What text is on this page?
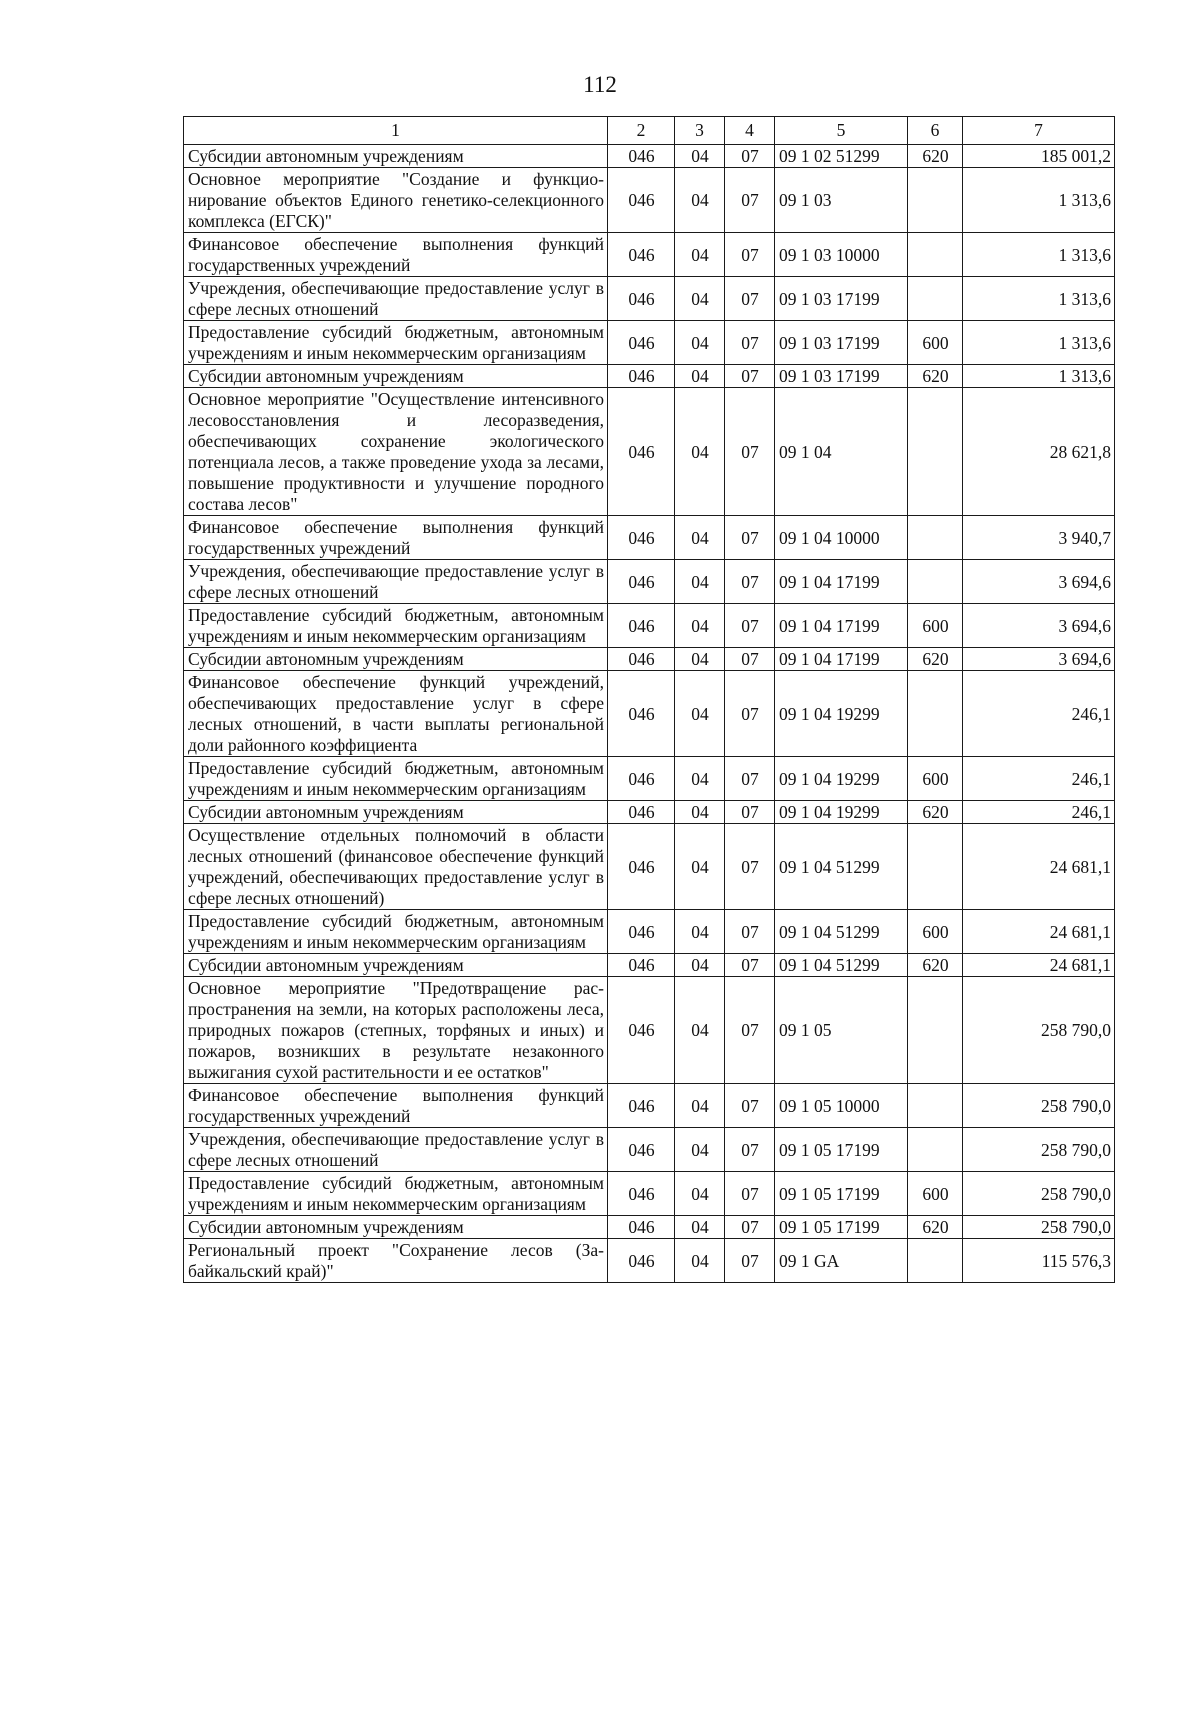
112
1	2	3	4	5	6	7
Субсидии автономным учреждениям	046	04	07	09 1 02 51299	620	185 001,2
Основное мероприятие "Создание и функционирование объектов Единого генетико-селекционного комплекса (ЕГСК)"	046	04	07	09 1 03		1 313,6
Финансовое обеспечение выполнения функций государственных учреждений	046	04	07	09 1 03 10000		1 313,6
Учреждения, обеспечивающие предоставление услуг в сфере лесных отношений	046	04	07	09 1 03 17199		1 313,6
Предоставление субсидий бюджетным, автономным учреждениям и иным некоммерческим организациям	046	04	07	09 1 03 17199	600	1 313,6
Субсидии автономным учреждениям	046	04	07	09 1 03 17199	620	1 313,6
Основное мероприятие "Осуществление интенсивного лесовосстановления и лесоразведения, обеспечивающих сохранение экологического потенциала лесов, а также проведение ухода за лесами, повышение продуктивности и улучшение породного состава лесов"	046	04	07	09 1 04		28 621,8
Финансовое обеспечение выполнения функций государственных учреждений	046	04	07	09 1 04 10000		3 940,7
Учреждения, обеспечивающие предоставление услуг в сфере лесных отношений	046	04	07	09 1 04 17199		3 694,6
Предоставление субсидий бюджетным, автономным учреждениям и иным некоммерческим организациям	046	04	07	09 1 04 17199	600	3 694,6
Субсидии автономным учреждениям	046	04	07	09 1 04 17199	620	3 694,6
Финансовое обеспечение функций учреждений, обеспечивающих предоставление услуг в сфере лесных отношений, в части выплаты региональной доли районного коэффициента	046	04	07	09 1 04 19299		246,1
Предоставление субсидий бюджетным, автономным учреждениям и иным некоммерческим организациям	046	04	07	09 1 04 19299	600	246,1
Субсидии автономным учреждениям	046	04	07	09 1 04 19299	620	246,1
Осуществление отдельных полномочий в области лесных отношений (финансовое обеспечение функций учреждений, обеспечивающих предоставление услуг в сфере лесных отношений)	046	04	07	09 1 04 51299		24 681,1
Предоставление субсидий бюджетным, автономным учреждениям и иным некоммерческим организациям	046	04	07	09 1 04 51299	600	24 681,1
Субсидии автономным учреждениям	046	04	07	09 1 04 51299	620	24 681,1
Основное мероприятие "Предотвращение распространения на земли, на которых расположены леса, природных пожаров (степных, торфяных и иных) и пожаров, возникших в результате незаконного выжигания сухой растительности и ее остатков"	046	04	07	09 1 05		258 790,0
Финансовое обеспечение выполнения функций государственных учреждений	046	04	07	09 1 05 10000		258 790,0
Учреждения, обеспечивающие предоставление услуг в сфере лесных отношений	046	04	07	09 1 05 17199		258 790,0
Предоставление субсидий бюджетным, автономным учреждениям и иным некоммерческим организациям	046	04	07	09 1 05 17199	600	258 790,0
Субсидии автономным учреждениям	046	04	07	09 1 05 17199	620	258 790,0
Региональный проект "Сохранение лесов (Забайкальский край)"	046	04	07	09 1 GA		115 576,3
